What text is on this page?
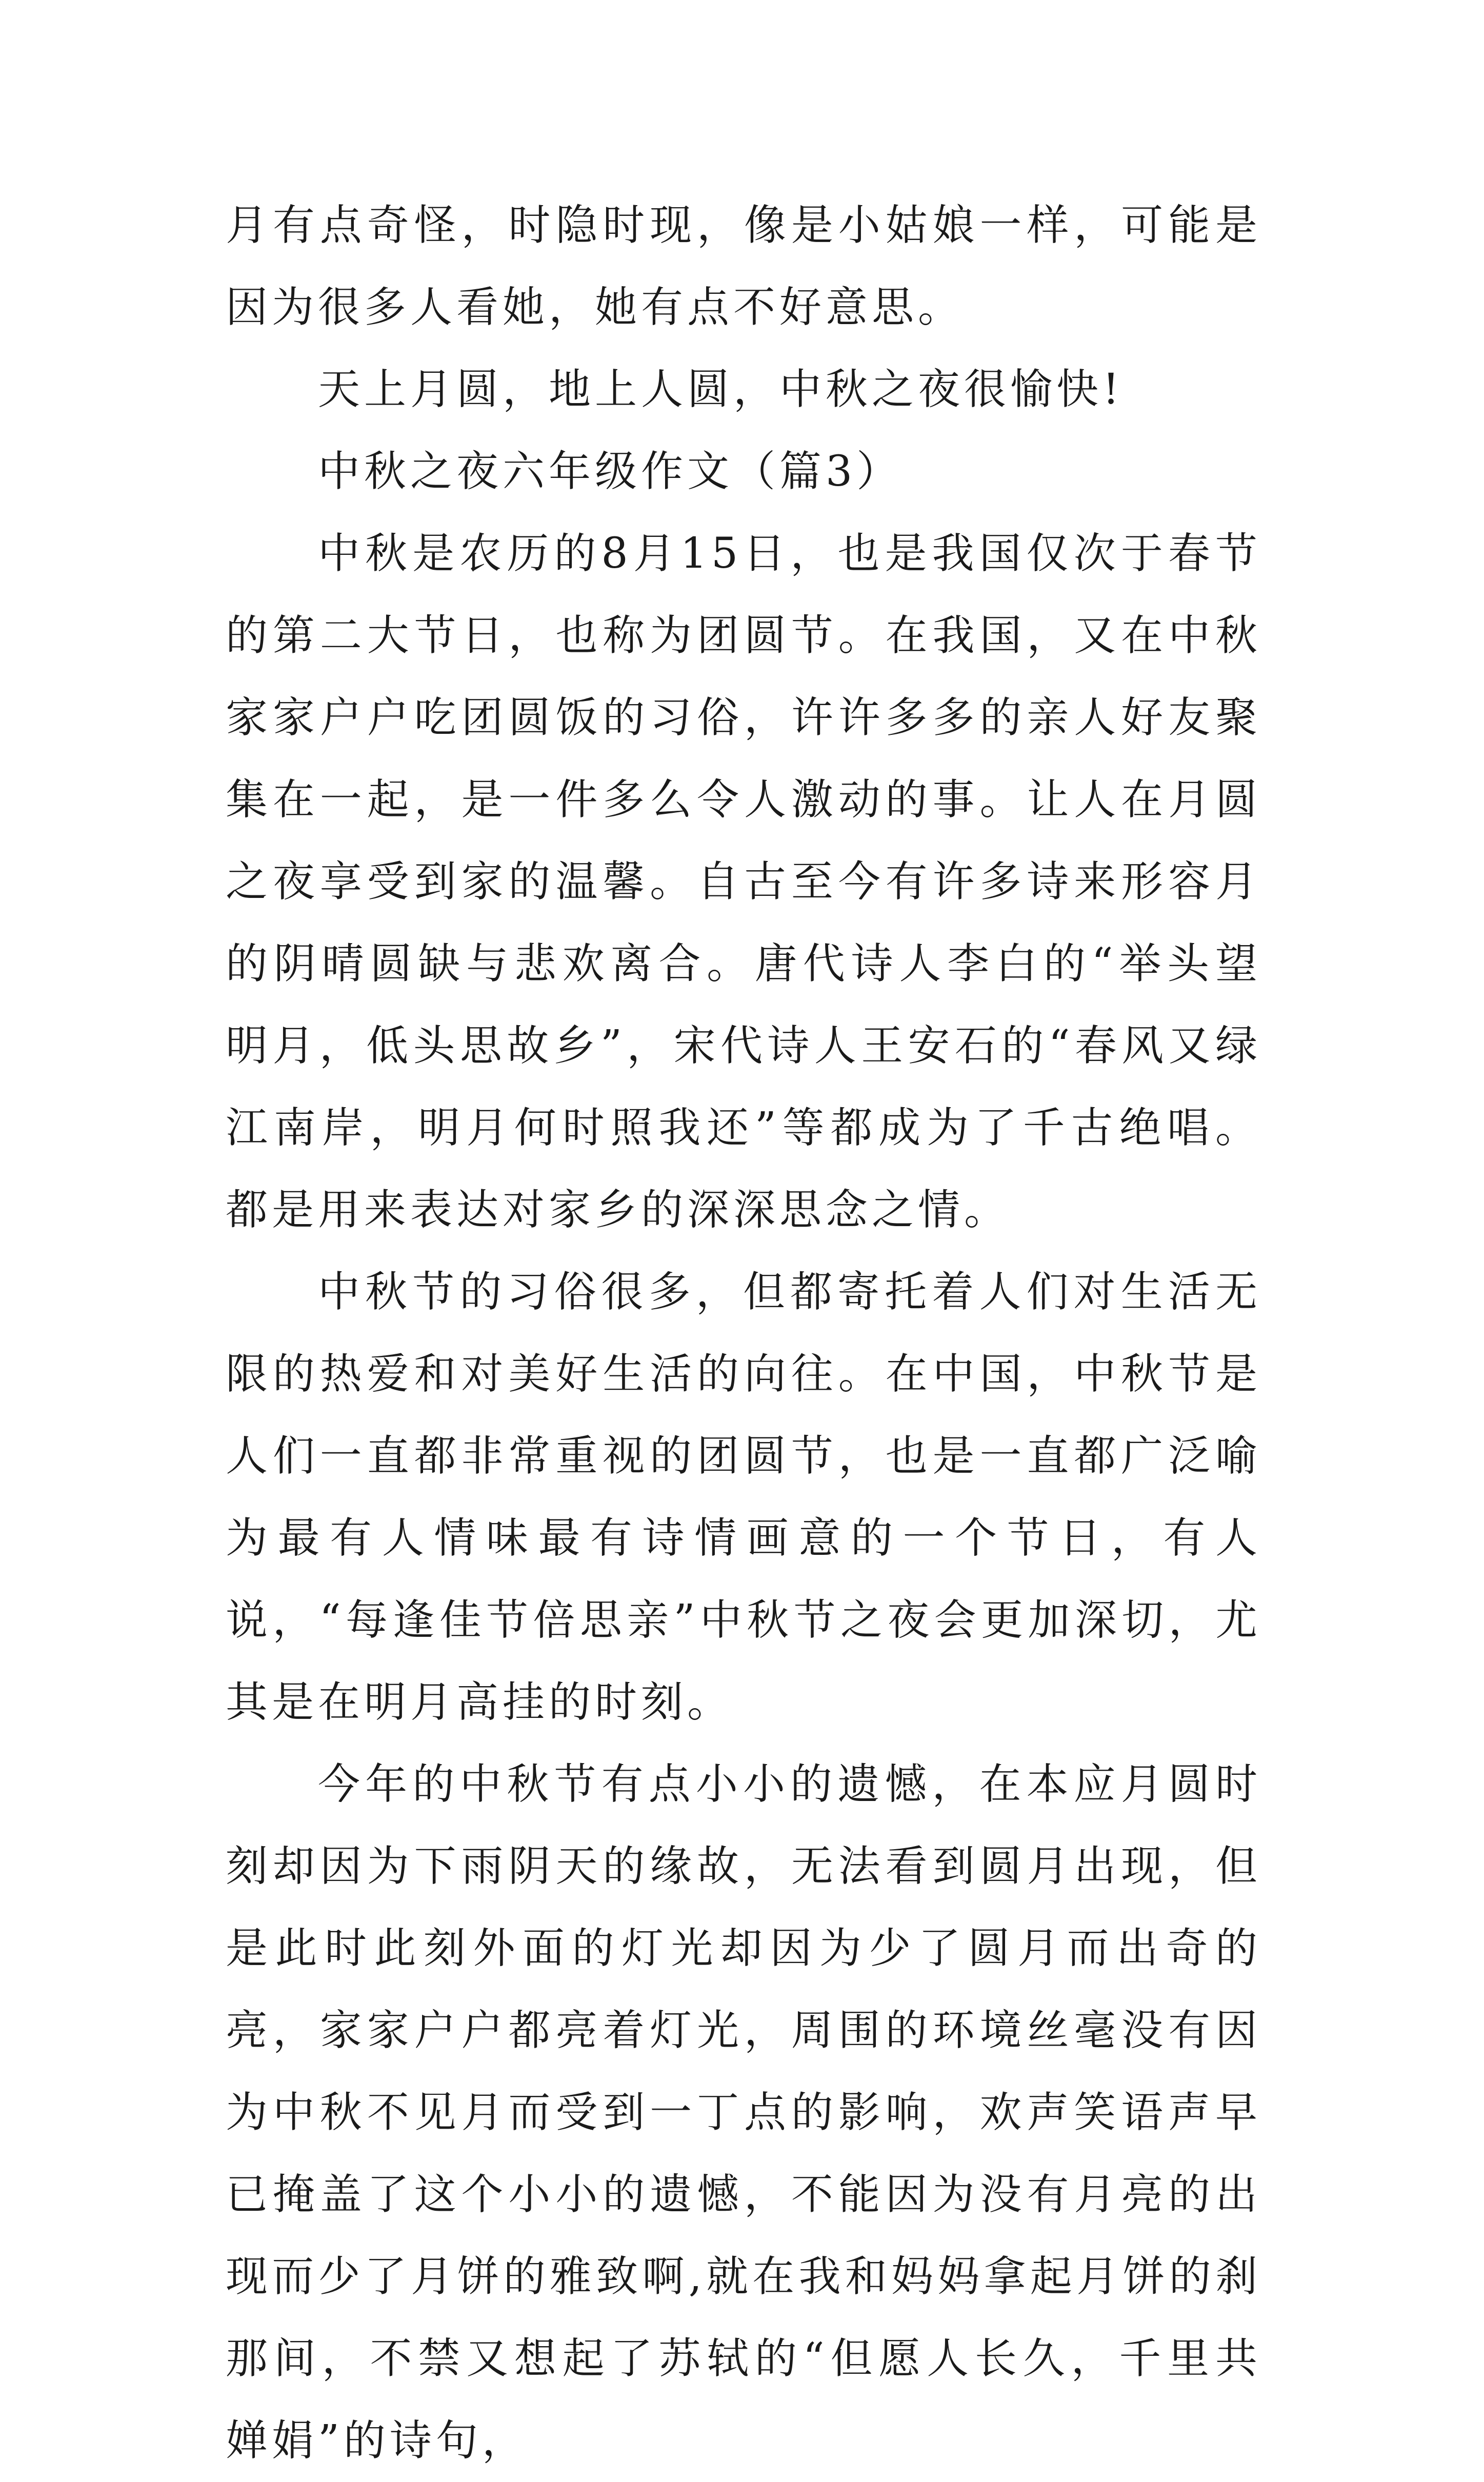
月有点奇怪，时隐时现，像是小姑娘一样，可能是因为很多人看她，她有点不好意思。

天上月圆，地上人圆，中秋之夜很愉快!

中秋之夜六年级作文（篇3）

中秋是农历的8月15日，也是我国仅次于春节的第二大节日，也称为团圆节。在我国，又在中秋家家户户吃团圆饭的习俗，许许多多的亲人好友聚集在一起，是一件多么令人激动的事。让人在月圆之夜享受到家的温馨。自古至今有许多诗来形容月的阴晴圆缺与悲欢离合。唐代诗人李白的“举头望明月，低头思故乡”，宋代诗人王安石的“春风又绿江南岸，明月何时照我还”等都成为了千古绝唱。都是用来表达对家乡的深深思念之情。

中秋节的习俗很多，但都寄托着人们对生活无限的热爱和对美好生活的向往。在中国，中秋节是人们一直都非常重视的团圆节，也是一直都广泛喻为最有人情味最有诗情画意的一个节日，有人说，“每逢佳节倍思亲”中秋节之夜会更加深切，尤其是在明月高挂的时刻。

今年的中秋节有点小小的遗憾，在本应月圆时刻却因为下雨阴天的缘故，无法看到圆月出现，但是此时此刻外面的灯光却因为少了圆月而出奇的亮，家家户户都亮着灯光，周围的环境丝毫没有因为中秋不见月而受到一丁点的影响，欢声笑语声早已掩盖了这个小小的遗憾，不能因为没有月亮的出现而少了月饼的雅致啊,就在我和妈妈拿起月饼的刹那间，不禁又想起了苏轼的“但愿人长久，千里共婵娟”的诗句，
